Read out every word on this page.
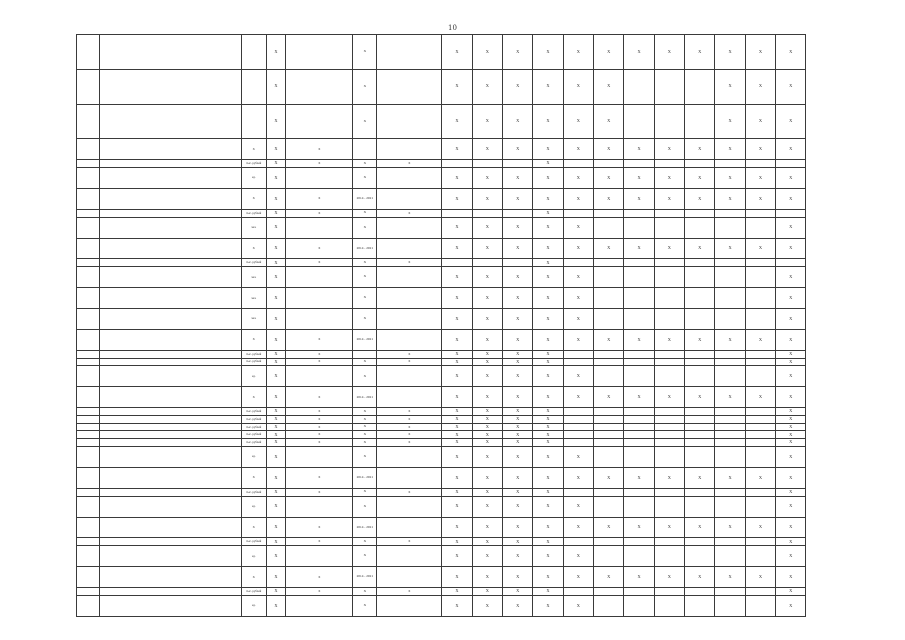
10
			X		X		X	X	X	X	X	X	X	X	X	X	X	X
			X		X		X	X	X	X	X	X				X	X	X
			X		X		X	X	X	X	X	X				X	X	X
		X	X	X			X	X	X	X	X	X	X	X	X	X	X	X
		тыс. рублей	X	X	X	X				X								
		ед.	X		X		X	X	X	X	X	X	X	X	X	X	X	X
		X	X	X	2014 - 2021		X	X	X	X	X	X	X	X	X	X	X	X
		тыс. рублей	X	X	X	X				X								
		чел.	X		X		X	X	X	X	X							X
		X	X	X	2014 - 2021		X	X	X	X	X	X	X	X	X	X	X	X
		тыс. рублей	X	X	X	X				X								
		чел.	X		X		X	X	X	X	X							X
		чел.	X		X		X	X	X	X	X							X
		чел.	X		X		X	X	X	X	X							X
		X	X	X	2014 - 2021		X	X	X	X	X	X	X	X	X	X	X	X
		тыс. рублей	X	X		X	X	X	X	X								X
		тыс. рублей	X	X	X	X	X	X	X	X								X
		ед.	X		X		X	X	X	X	X							X
		X	X	X	2014 - 2021		X	X	X	X	X	X	X	X	X	X	X	X
		тыс. рублей	X	X	X	X	X	X	X	X								X
		тыс. рублей	X	X	X	X	X	X	X	X								X
		тыс. рублей	X	X	X	X	X	X	X	X								X
		тыс. рублей	X	X	X	X	X	X	X	X								X
		тыс. рублей	X	X	X	X	X	X	X	X								X
		ед.	X		X		X	X	X	X	X							X
		X	X	X	2014 - 2021		X	X	X	X	X	X	X	X	X	X	X	X
		тыс. рублей	X	X	X	X	X	X	X	X								X
		ед.	X		X		X	X	X	X	X							X
		X	X	X	2014 - 2021		X	X	X	X	X	X	X	X	X	X	X	X
		тыс. рублей	X	X	X	X	X	X	X	X								X
		ед.	X		X		X	X	X	X	X							X
		X	X	X	2014 - 2021		X	X	X	X	X	X	X	X	X	X	X	X
		тыс. рублей	X	X	X	X	X	X	X	X								X
		ед.	X		X		X	X	X	X	X							X
